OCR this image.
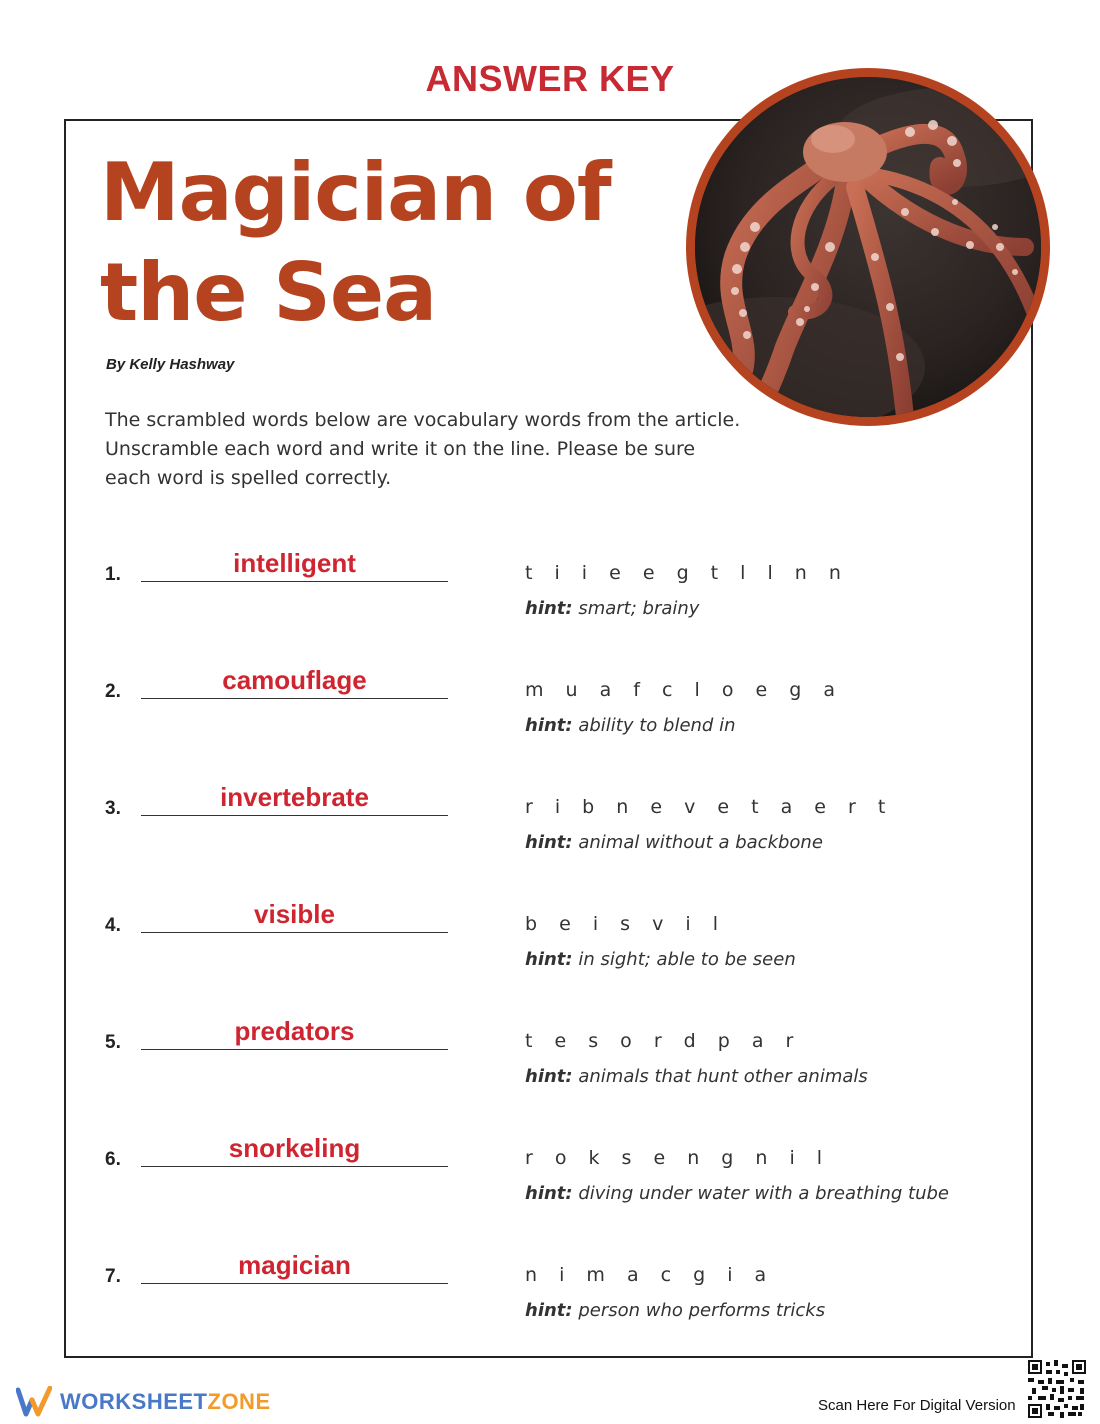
ANSWER KEY
Magician of
the Sea
By Kelly Hashway
The scrambled words below are vocabulary words from the article. Unscramble each word and write it on the line. Please be sure each word is spelled correctly.
1.	intelligent	t i i e e g t l l n n
hint: smart; brainy
2.	camouflage	m u a f c l o e g a
hint: ability to blend in
3.	invertebrate	r i b n e v e t a e r t
hint: animal without a backbone
4.	visible	b e i s v i l
hint: in sight; able to be seen
5.	predators	t e s o r d p a r
hint: animals that hunt other animals
6.	snorkeling	r o k s e n g n i l
hint: diving under water with a breathing tube
7.	magician	n i m a c g i a
hint: person who performs tricks
WORKSHEETZONE	Scan Here For Digital Version
